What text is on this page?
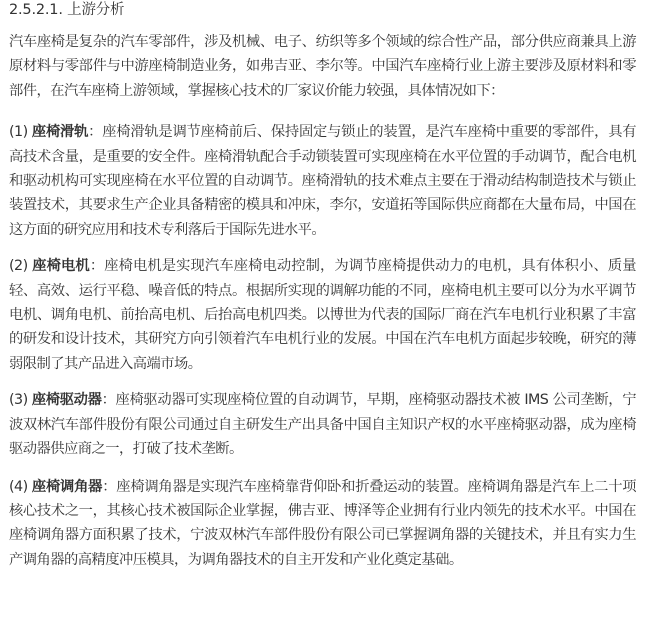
2.5.2.1. 上游分析

汽车座椅是复杂的汽车零部件，涉及机械、电子、纺织等多个领域的综合性产品，部分供应商兼具上游原材料与零部件与中游座椅制造业务，如弗吉亚、李尔等。中国汽车座椅行业上游主要涉及原材料和零部件，在汽车座椅上游领域，掌握核心技术的厂家议价能力较强，具体情况如下：

(1) 座椅滑轨：座椅滑轨是调节座椅前后、保持固定与锁止的装置，是汽车座椅中重要的零部件，具有高技术含量，是重要的安全件。座椅滑轨配合手动锁装置可实现座椅在水平位置的手动调节，配合电机和驱动机构可实现座椅在水平位置的自动调节。座椅滑轨的技术难点主要在于滑动结构制造技术与锁止装置技术，其要求生产企业具备精密的模具和冲床，李尔，安道拓等国际供应商都在大量布局，中国在这方面的研究应用和技术专利落后于国际先进水平。

(2) 座椅电机：座椅电机是实现汽车座椅电动控制，为调节座椅提供动力的电机，具有体积小、质量轻、高效、运行平稳、噪音低的特点。根据所实现的调解功能的不同，座椅电机主要可以分为水平调节电机、调角电机、前抬高电机、后抬高电机四类。以博世为代表的国际厂商在汽车电机行业积累了丰富的研发和设计技术，其研究方向引领着汽车电机行业的发展。中国在汽车电机方面起步较晚，研究的薄弱限制了其产品进入高端市场。

(3) 座椅驱动器：座椅驱动器可实现座椅位置的自动调节，早期，座椅驱动器技术被 IMS 公司垄断，宁波双林汽车部件股份有限公司通过自主研发生产出具备中国自主知识产权的水平座椅驱动器，成为座椅驱动器供应商之一，打破了技术垄断。

(4) 座椅调角器：座椅调角器是实现汽车座椅靠背仰卧和折叠运动的装置。座椅调角器是汽车上二十项核心技术之一，其核心技术被国际企业掌握，佛吉亚、博泽等企业拥有行业内领先的技术水平。中国在座椅调角器方面积累了技术，宁波双林汽车部件股份有限公司已掌握调角器的关键技术，并且有实力生产调角器的高精度冲压模具，为调角器技术的自主开发和产业化奠定基础。
